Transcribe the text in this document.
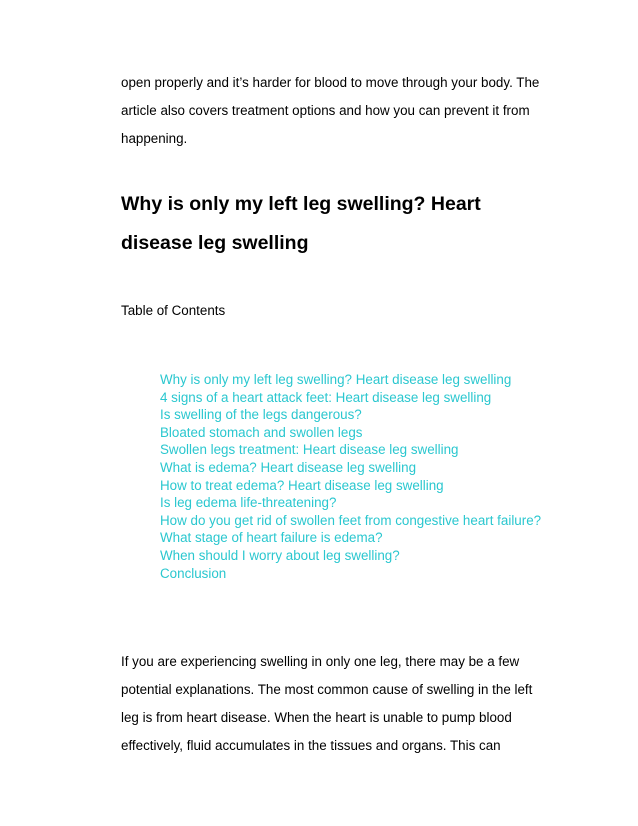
open properly and it’s harder for blood to move through your body. The
article also covers treatment options and how you can prevent it from
happening.

Why is only my left leg swelling? Heart
disease leg swelling

Table of Contents

Why is only my left leg swelling? Heart disease leg swelling
4 signs of a heart attack feet: Heart disease leg swelling
Is swelling of the legs dangerous?
Bloated stomach and swollen legs
Swollen legs treatment: Heart disease leg swelling
What is edema? Heart disease leg swelling
How to treat edema? Heart disease leg swelling
Is leg edema life-threatening?
How do you get rid of swollen feet from congestive heart failure?
What stage of heart failure is edema?
When should I worry about leg swelling?
Conclusion

If you are experiencing swelling in only one leg, there may be a few
potential explanations. The most common cause of swelling in the left
leg is from heart disease. When the heart is unable to pump blood
effectively, fluid accumulates in the tissues and organs. This can
